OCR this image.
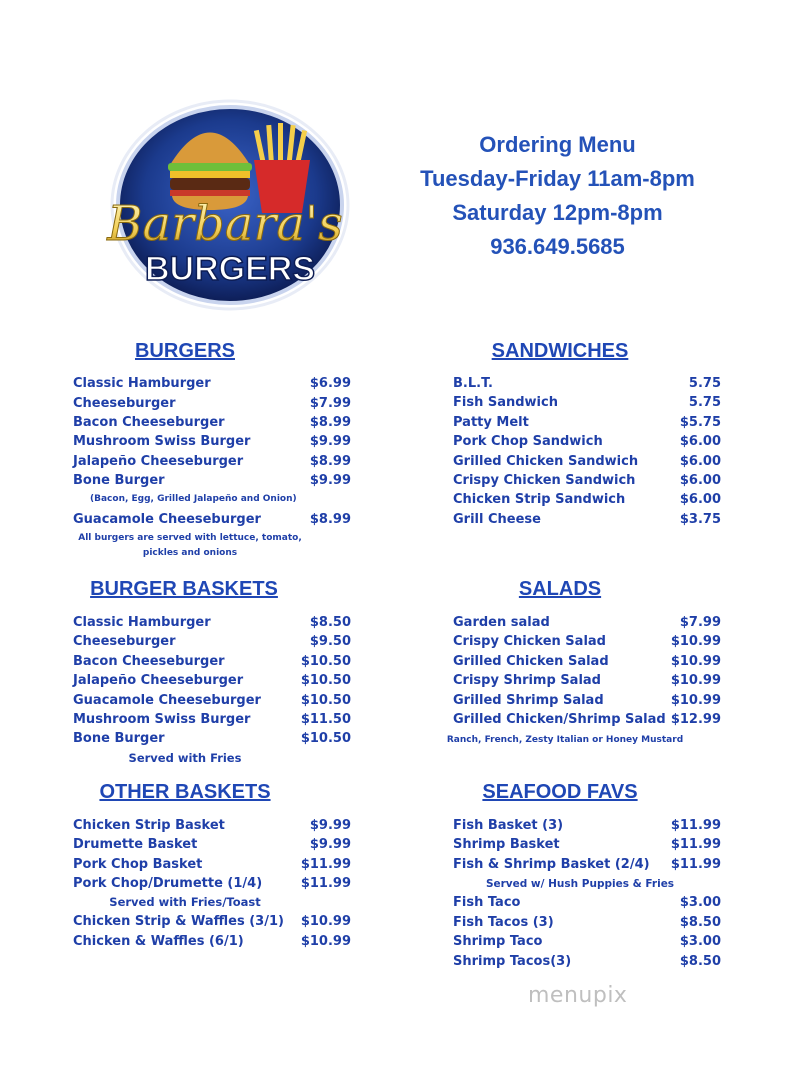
Barbara's
BURGERS
Ordering Menu
Tuesday-Friday 11am-8pm
Saturday 12pm-8pm
936.649.5685
BURGERS
(Bacon, Egg, Grilled Jalapeño and Onion)
All burgers are served with lettuce, tomato,
pickles and onions
SANDWICHES
BURGER BASKETS
Served with Fries
SALADS
Ranch, French, Zesty Italian or Honey Mustard
OTHER BASKETS
Served with Fries/Toast
SEAFOOD FAVS
Served w/ Hush Puppies & Fries
menupix
Classic Hamburger	$6.99
Cheeseburger	$7.99
Bacon Cheeseburger	$8.99
Mushroom Swiss Burger	$9.99
Jalapeño Cheeseburger	$8.99
Bone Burger	$9.99
Guacamole Cheeseburger	$8.99
B.L.T.	5.75
Fish Sandwich	5.75
Patty Melt	$5.75
Pork Chop Sandwich	$6.00
Grilled Chicken Sandwich	$6.00
Crispy Chicken Sandwich	$6.00
Chicken Strip Sandwich	$6.00
Grill Cheese	$3.75
Classic Hamburger	$8.50
Cheeseburger	$9.50
Bacon Cheeseburger	$10.50
Jalapeño Cheeseburger	$10.50
Guacamole Cheeseburger	$10.50
Mushroom Swiss Burger	$11.50
Bone Burger	$10.50
Garden salad	$7.99
Crispy Chicken Salad	$10.99
Grilled Chicken Salad	$10.99
Crispy Shrimp Salad	$10.99
Grilled Shrimp Salad	$10.99
Grilled Chicken/Shrimp Salad $12.99
Chicken Strip Basket	$9.99
Drumette Basket	$9.99
Pork Chop Basket	$11.99
Pork Chop/Drumette (1/4)	$11.99
Chicken Strip & Waffles (3/1)	$10.99
Chicken & Waffles (6/1)	$10.99
Fish Basket (3)	$11.99
Shrimp Basket	$11.99
Fish & Shrimp Basket (2/4)	$11.99
Fish Taco	$3.00
Fish Tacos (3)	$8.50
Shrimp Taco	$3.00
Shrimp Tacos(3)	$8.50
